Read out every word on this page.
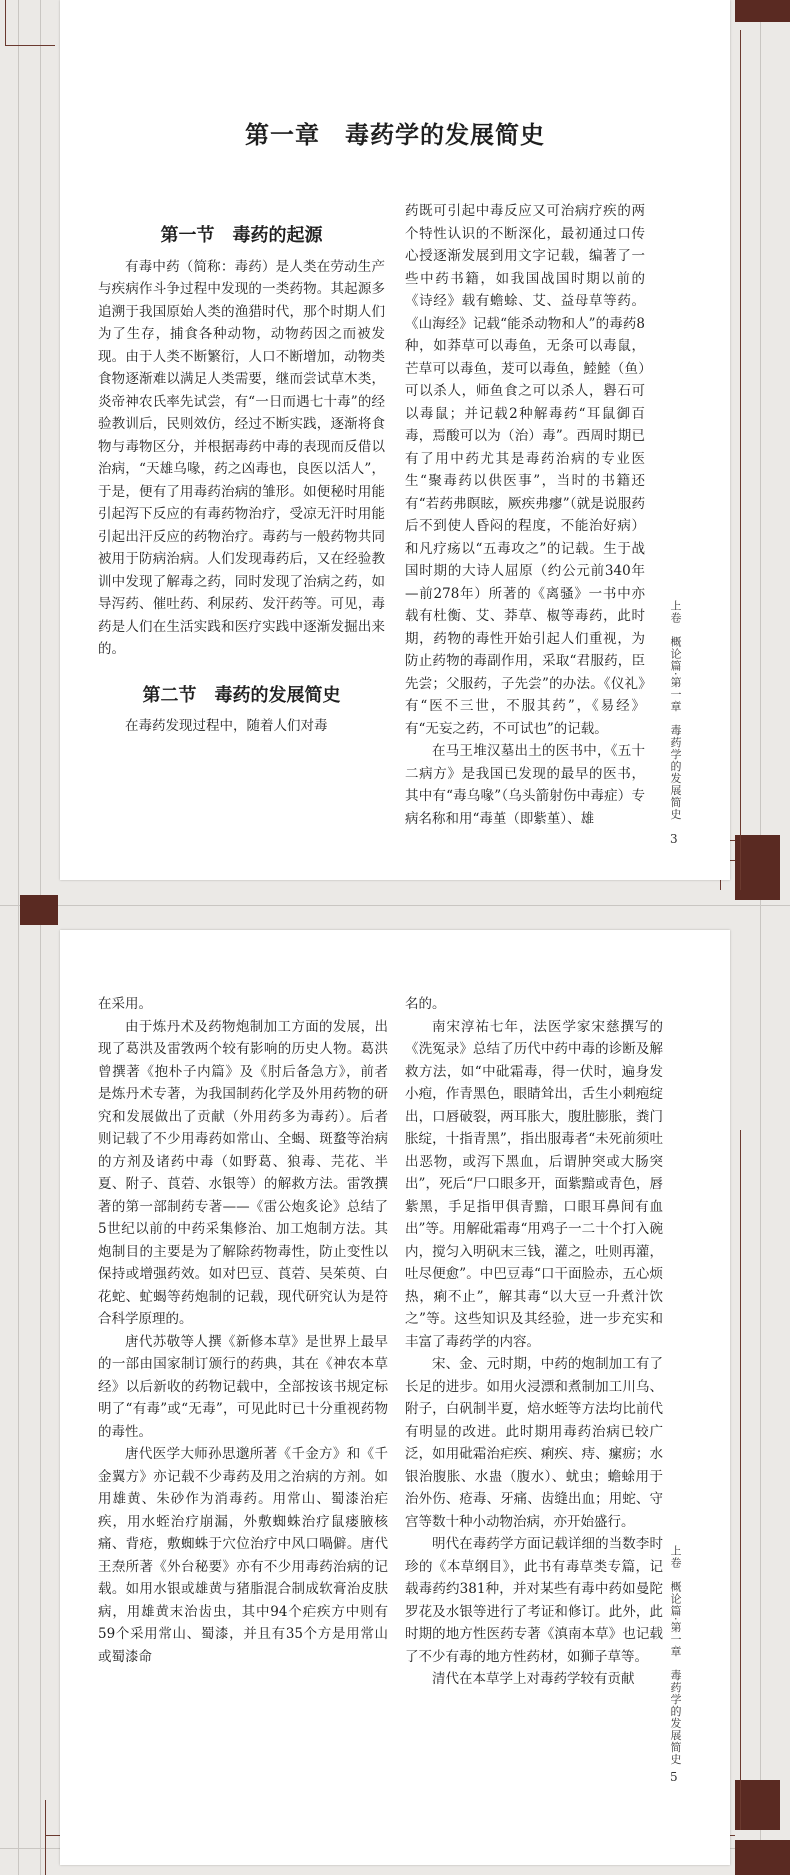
第一章　毒药学的发展简史
第一节　毒药的起源

有毒中药（简称：毒药）是人类在劳动生产与疾病作斗争过程中发现的一类药物。其起源多追溯于我国原始人类的渔猎时代，那个时期人们为了生存，捕食各种动物，动物药因之而被发现。由于人类不断繁衍，人口不断增加，动物类食物逐渐难以满足人类需要，继而尝试草木类，炎帝神农氏率先试尝，有“一日而遇七十毒”的经验教训后，民则效仿，经过不断实践，逐渐将食物与毒物区分，并根据毒药中毒的表现而反借以治病，“天雄乌喙，药之凶毒也，良医以活人”，于是，便有了用毒药治病的雏形。如便秘时用能引起泻下反应的有毒药物治疗，受凉无汗时用能引起出汗反应的药物治疗。毒药与一般药物共同被用于防病治病。人们发现毒药后，又在经验教训中发现了解毒之药，同时发现了治病之药，如导泻药、催吐药、利尿药、发汗药等。可见，毒药是人们在生活实践和医疗实践中逐渐发掘出来的。

第二节　毒药的发展简史

在毒药发现过程中，随着人们对毒

药既可引起中毒反应又可治病疗疾的两个特性认识的不断深化，最初通过口传心授逐渐发展到用文字记载，编著了一些中药书籍，如我国战国时期以前的《诗经》载有蟾蜍、艾、益母草等药。《山海经》记载“能杀动物和人”的毒药8种，如莽草可以毒鱼，无条可以毒鼠，芒草可以毒鱼，茇可以毒鱼，鯥鯥（鱼）可以杀人，师鱼食之可以杀人，礜石可以毒鼠；并记载2种解毒药“耳鼠御百毒，焉酸可以为（治）毒”。西周时期已有了用中药尤其是毒药治病的专业医生“聚毒药以供医事”，当时的书籍还有“若药弗瞑眩，厥疾弗瘳”（就是说服药后不到使人昏闷的程度，不能治好病）和凡疗疡以“五毒攻之”的记载。生于战国时期的大诗人屈原（约公元前340年—前278年）所著的《离骚》一书中亦载有杜衡、艾、莽草、椒等毒药，此时期，药物的毒性开始引起人们重视，为防止药物的毒副作用，采取“君服药，臣先尝；父服药，子先尝”的办法。《仪礼》有“医不三世，不服其药”，《易经》有“无妄之药，不可试也”的记载。

在马王堆汉墓出土的医书中，《五十二病方》是我国已发现的最早的医书，其中有“毒乌喙”（乌头箭射伤中毒症）专病名称和用“毒堇（即紫堇）、雄	上卷　概论篇·第一章　毒药学的发展简史
3

在采用。

由于炼丹术及药物炮制加工方面的发展，出现了葛洪及雷敩两个较有影响的历史人物。葛洪曾撰著《抱朴子内篇》及《肘后备急方》，前者是炼丹术专著，为我国制药化学及外用药物的研究和发展做出了贡献（外用药多为毒药）。后者则记载了不少用毒药如常山、全蝎、斑蝥等治病的方剂及诸药中毒（如野葛、狼毒、芫花、半夏、附子、莨菪、水银等）的解救方法。雷敩撰著的第一部制药专著——《雷公炮炙论》总结了5世纪以前的中药采集修治、加工炮制方法。其炮制目的主要是为了解除药物毒性，防止变性以保持或增强药效。如对巴豆、莨菪、吴茱萸、白花蛇、虻蝎等药炮制的记载，现代研究认为是符合科学原理的。

唐代苏敬等人撰《新修本草》是世界上最早的一部由国家制订颁行的药典，其在《神农本草经》以后新收的药物记载中，全部按该书规定标明了“有毒”或“无毒”，可见此时已十分重视药物的毒性。

唐代医学大师孙思邈所著《千金方》和《千金翼方》亦记载不少毒药及用之治病的方剂。如用雄黄、朱砂作为消毒药。用常山、蜀漆治疟疾，用水蛭治疗崩漏，外敷蜘蛛治疗鼠瘘腋核痛、背疮，敷蜘蛛于穴位治疗中风口喎僻。唐代王焘所著《外台秘要》亦有不少用毒药治病的记载。如用水银或雄黄与猪脂混合制成软膏治皮肤病，用雄黄末治齿虫，其中94个疟疾方中则有59个采用常山、蜀漆，并且有35个方是用常山或蜀漆命

名的。

南宋淳祐七年，法医学家宋慈撰写的《洗冤录》总结了历代中药中毒的诊断及解救方法，如“中砒霜毒，得一伏时，遍身发小疱，作青黑色，眼睛耸出，舌生小刺疱绽出，口唇破裂，两耳胀大，腹肚膨胀，粪门胀绽，十指青黑”，指出服毒者“未死前须吐出恶物，或泻下黑血，后谓肿突或大肠突出”，死后“尸口眼多开，面紫黯或青色，唇紫黑，手足指甲俱青黯，口眼耳鼻间有血出”等。用解砒霜毒“用鸡子一二十个打入碗内，搅匀入明矾末三钱，灌之，吐则再灌，吐尽便愈”。中巴豆毒“口干面脸赤，五心烦热，痢不止”，解其毒“以大豆一升煮汁饮之”等。这些知识及其经验，进一步充实和丰富了毒药学的内容。

宋、金、元时期，中药的炮制加工有了长足的进步。如用火浸漂和煮制加工川乌、附子，白矾制半夏，焙水蛭等方法均比前代有明显的改进。此时期用毒药治病已较广泛，如用砒霜治疟疾、痢疾、痔、瘰疬；水银治腹胀、水蛊（腹水）、蚘虫；蟾蜍用于治外伤、疮毒、牙痛、齿缝出血；用蛇、守宫等数十种小动物治病，亦开始盛行。

明代在毒药学方面记载详细的当数李时珍的《本草纲目》，此书有毒草类专篇，记载毒药约381种，并对某些有毒中药如曼陀罗花及水银等进行了考证和修订。此外，此时期的地方性医药专著《滇南本草》也记载了不少有毒的地方性药材，如狮子草等。

清代在本草学上对毒药学较有贡献	上卷　概论篇·第一章　毒药学的发展简史
5
